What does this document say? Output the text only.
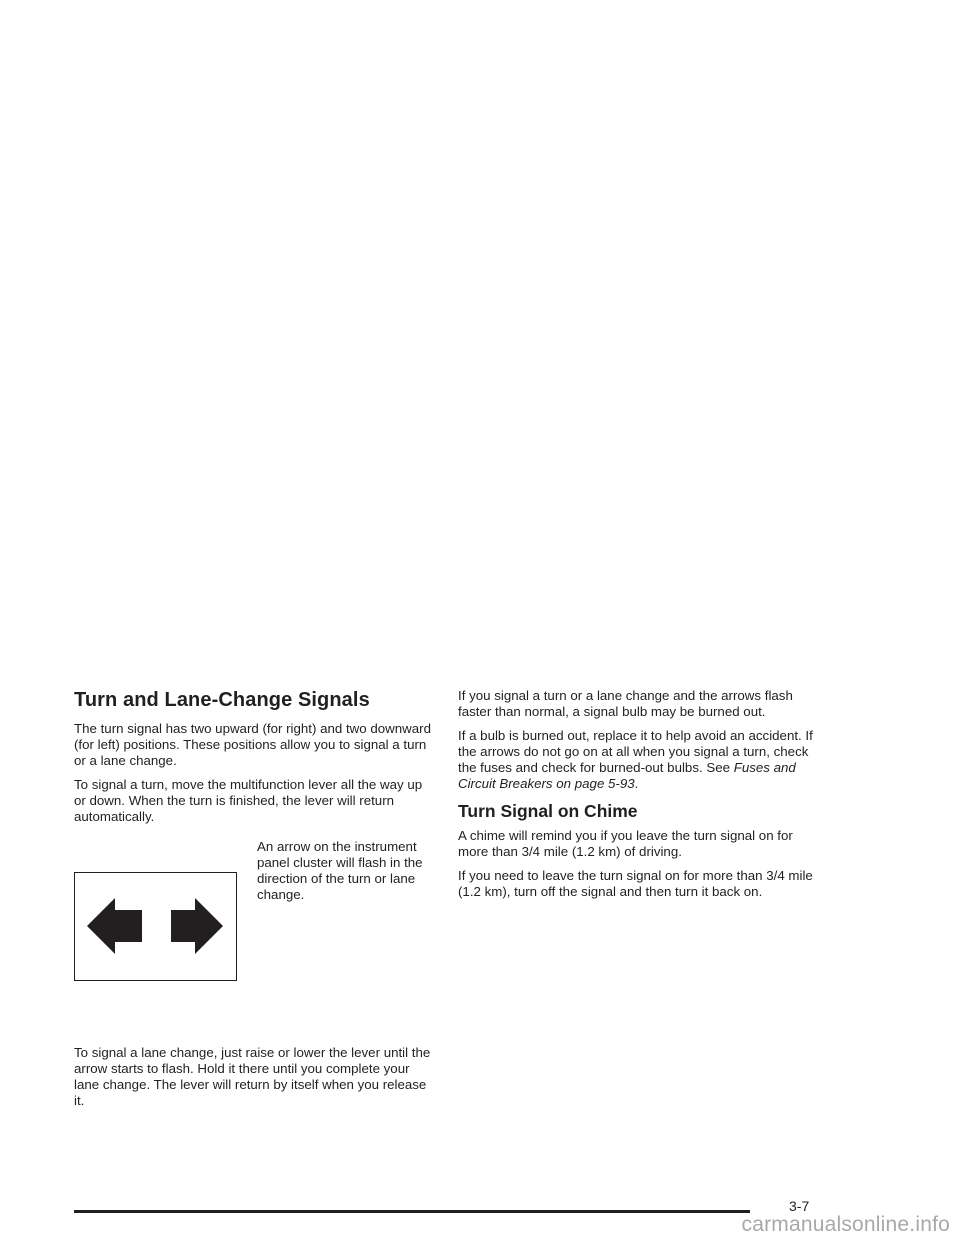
Turn and Lane-Change Signals

The turn signal has two upward (for right) and two downward (for left) positions. These positions allow you to signal a turn or a lane change.

To signal a turn, move the multifunction lever all the way up or down. When the turn is finished, the lever will return automatically.

An arrow on the instrument panel cluster will flash in the direction of the turn or lane change.

To signal a lane change, just raise or lower the lever until the arrow starts to flash. Hold it there until you complete your lane change. The lever will return by itself when you release it.

If you signal a turn or a lane change and the arrows flash faster than normal, a signal bulb may be burned out.

If a bulb is burned out, replace it to help avoid an accident. If the arrows do not go on at all when you signal a turn, check the fuses and check for burned-out bulbs. See Fuses and Circuit Breakers on page 5-93.

Turn Signal on Chime

A chime will remind you if you leave the turn signal on for more than 3/4 mile (1.2 km) of driving.

If you need to leave the turn signal on for more than 3/4 mile (1.2 km), turn off the signal and then turn it back on.

3-7
carmanualsonline.info
